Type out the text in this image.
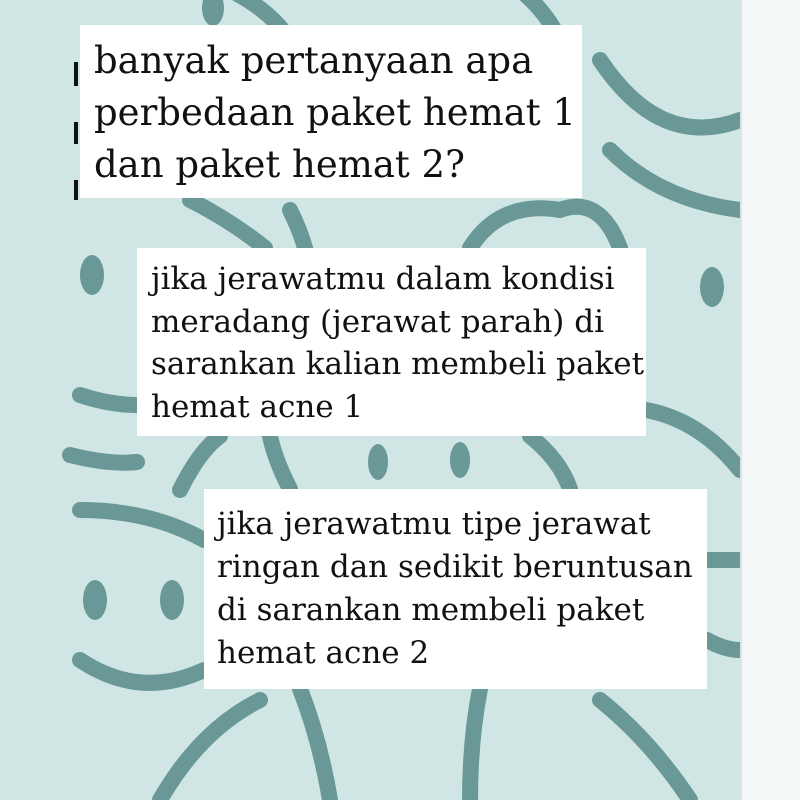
banyak pertanyaan apa
perbedaan paket hemat 1
dan paket hemat 2?
jika jerawatmu dalam kondisi
meradang (jerawat parah) di
sarankan kalian membeli paket
hemat acne 1
jika jerawatmu tipe jerawat
ringan dan sedikit beruntusan
di sarankan membeli paket
hemat acne 2
